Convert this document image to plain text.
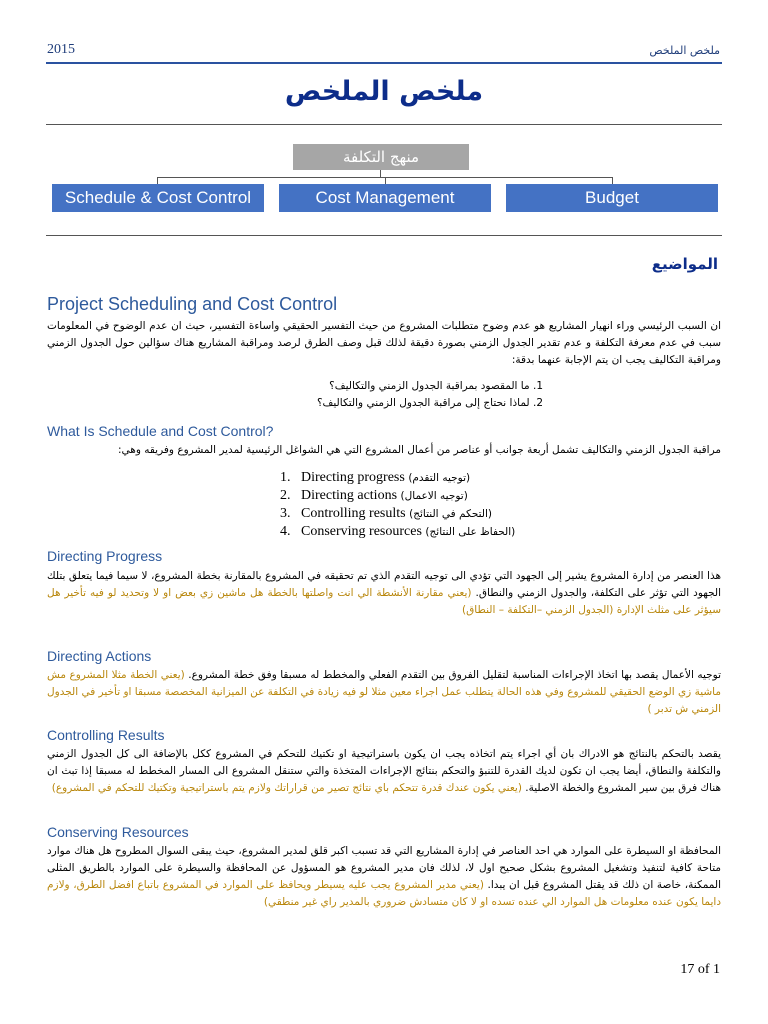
2015	ملخص الملخص
ملخص الملخص
منهج التكلفة
Schedule & Cost Control	Cost Management	Budget
المواضيع
Project Scheduling and Cost Control
ان السبب الرئيسي وراء انهيار المشاريع هو عدم وضوح متطلبات المشروع من حيث التفسير الحقيقي واساءة التفسير، حيث ان عدم الوضوح في المعلومات سبب في عدم معرفة التكلفة و عدم تقدير الجدول الزمني بصورة دقيقة لذلك قبل وصف الطرق لرصد ومراقبة المشاريع هناك سؤالين حول الجدول الزمني ومراقبة التكاليف يجب ان يتم الإجابة عنهما بدقة:
1. ما المقصود بمراقبة الجدول الزمني والتكاليف؟
2. لماذا نحتاج إلى مراقبة الجدول الزمني والتكاليف؟
What Is Schedule and Cost Control?
مراقبة الجدول الزمني والتكاليف تشمل أربعة جوانب أو عناصر من أعمال المشروع التي هي الشواغل الرئيسية لمدير المشروع وفريقه وهي:
1. Directing progress (توجيه التقدم)
2. Directing actions (توجيه الاعمال)
3. Controlling results (التحكم في النتائج)
4. Conserving resources (الحفاظ على النتائج)
Directing Progress
هذا العنصر من إدارة المشروع يشير إلى الجهود التي تؤدي الى توجيه التقدم الذي تم تحقيقه في المشروع بالمقارنة بخطة المشروع، لا سيما فيما يتعلق بتلك الجهود التي تؤثر على التكلفة، والجدول الزمني والنطاق. (يعني مقارنة الأنشطة الي انت واصلتها بالخطة هل ماشين زي بعض او لا وتحديد لو فيه تأخير هل سيؤثر على مثلث الإدارة (الجدول الزمني –التكلفة – النطاق)
Directing Actions
توجيه الأعمال يقصد بها اتخاذ الإجراءات المناسبة لتقليل الفروق بين التقدم الفعلي والمخطط له مسبقا وفق خطة المشروع. (يعني الخطة مثلا المشروع مش ماشية زي الوضع الحقيقي للمشروع وفي هذه الحالة يتطلب عمل اجراء معين مثلا لو فيه زيادة في التكلفة عن الميزانية المخصصة مسبقا او تأخير في الجدول الزمني ش تدبر )
Controlling Results
يقصد بالتحكم بالنتائج هو الادراك بان أي اجراء يتم اتخاذه يجب ان يكون باستراتيجية او تكتيك للتحكم في المشروع ككل بالإضافة الى كل الجدول الزمني والتكلفة والنطاق، أيضا يجب ان تكون لديك القدرة للتنبؤ والتحكم بنتائج الإجراءات المتخذة والتي ستنقل المشروع الى المسار المخطط له مسبقا إذا تبث ان هناك فرق بين سير المشروع والخطة الاصلية. (يعني يكون عندك قدرة تتحكم باي نتائج تصير من قراراتك ولازم يتم باستراتيجية وتكتيك للتحكم في المشروع)
Conserving Resources
المحافظة او السيطرة على الموارد هي احد العناصر في إدارة المشاريع التي قد تسبب اكبر قلق لمدير المشروع، حيث يبقى السوال المطروح هل هناك موارد متاحة كافية لتنفيذ وتشغيل المشروع بشكل صحيح اول لا، لذلك فان مدير المشروع هو المسؤول عن المحافظة والسيطرة على الموارد بالطريق المثلى الممكنة، خاصة ان ذلك قد يقتل المشروع قبل ان يبدا. (يعني مدير المشروع يجب عليه يسيطر ويحافظ على الموارد في المشروع باتباع افضل الطرق، ولازم دايما يكون عنده معلومات هل الموارد الي عنده تسده او لا كان متسادش ضروري بالمدير راي غير منطقي)
17 of 1
